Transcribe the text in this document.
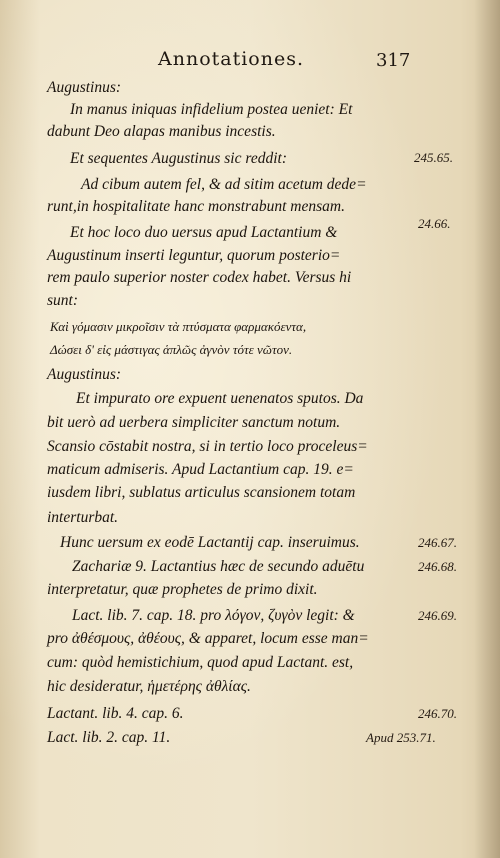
Annotationes.	317
Augustinus:
In manus iniquas infidelium postea ueniet: Et
dabunt Deo alapas manibus incestis.
Et sequentes Augustinus sic reddit:
Ad cibum autem fel, & ad sitim acetum dede=
runt,in hospitalitate hanc monstrabunt mensam.
Et hoc loco duo uersus apud Lactantium &
Augustinum inserti leguntur, quorum posterio=
rem paulo superior noster codex habet. Versus hi
sunt:
Καὶ γόμασιν μικροῖσιν τὰ πτύσματα φαρμακόεντα,
Δώσει δ' εἰς μάστιγας ἁπλῶς ἀγνὸν τότε νῶτον.
Augustinus:
Et impurato ore expuent uenenatos sputos. Da
bit uerò ad uerbera simpliciter sanctum notum.
Scansio cōstabit nostra, si in tertio loco proceleus=
maticum admiseris. Apud Lactantium cap. 19. e=
iusdem libri, sublatus articulus scansionem totam
interturbat.
Hunc uersum ex eodē Lactantij cap. inseruimus.
Zachariæ 9. Lactantius hæc de secundo aduētu
interpretatur, quæ prophetes de primo dixit.
Lact. lib. 7. cap. 18. pro λόγον, ζυγὸν legit: &
pro ἀθέσμους, ἀθέους, & apparet, locum esse man=
cum: quòd hemistichium, quod apud Lactant. est,
hic desideratur, ἡμετέρης ἀθλίας.
Lactant. lib. 4. cap. 6.
Lact. lib. 2. cap. 11.
245.65.
24.66.
246.67.
246.68.
246.69.
246.70.
Apud 253.71.
